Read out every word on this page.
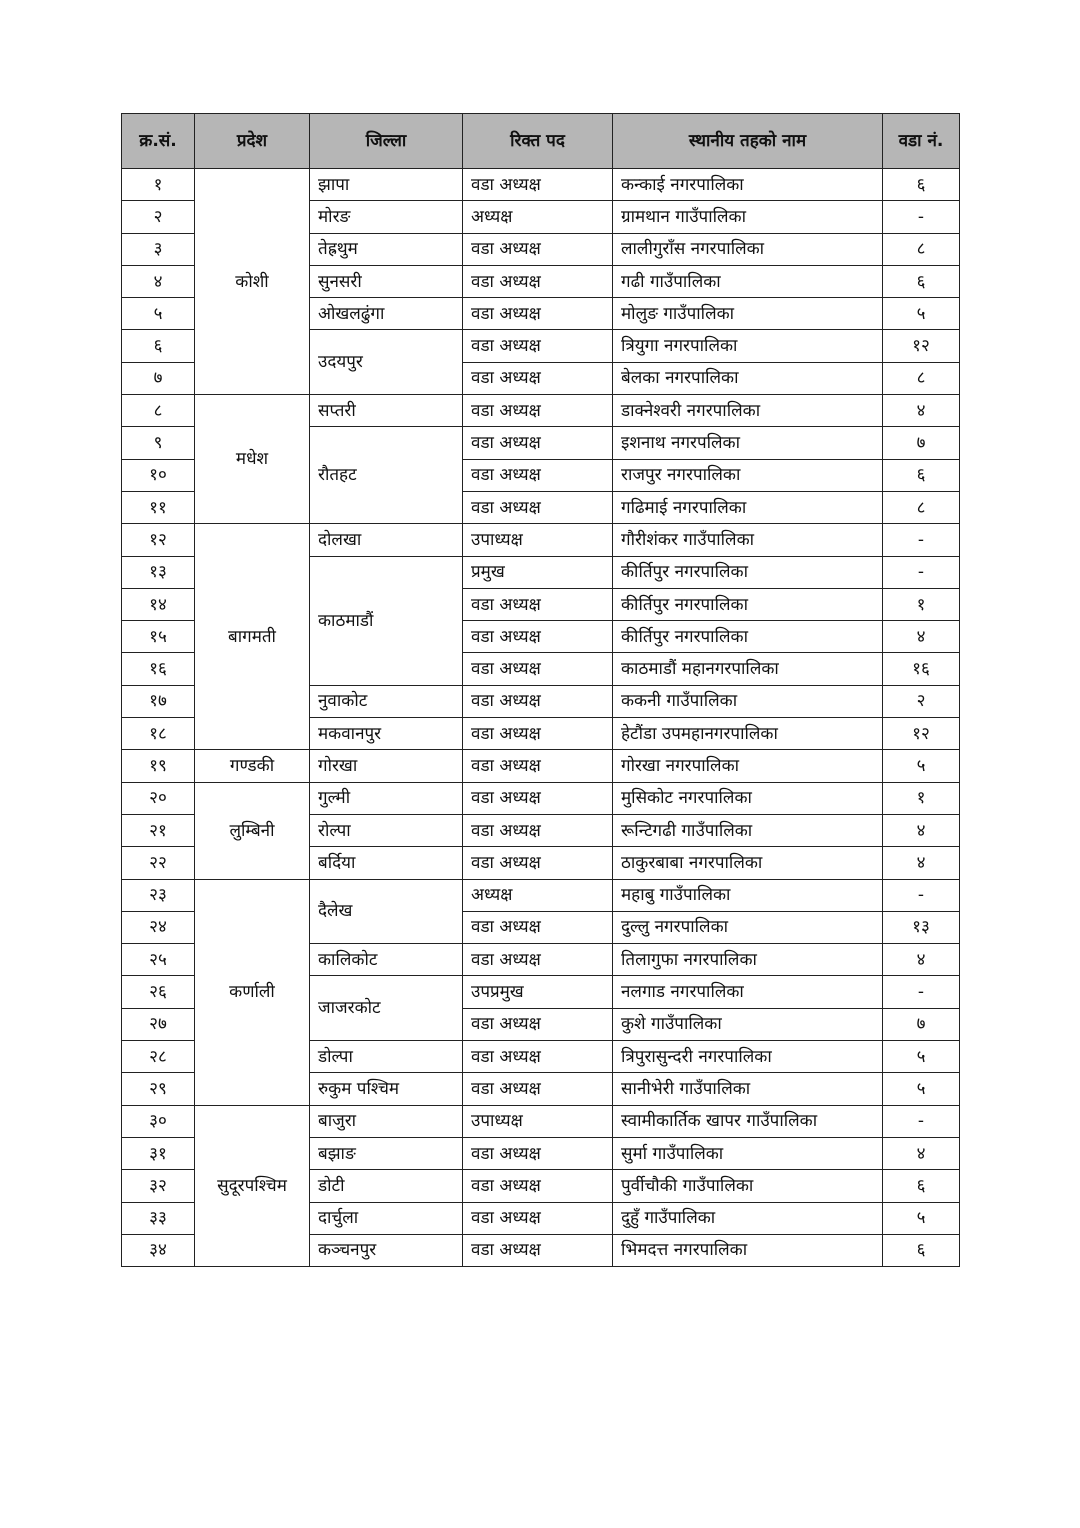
क्र.सं.	प्रदेश	जिल्ला	रिक्त पद	स्थानीय तहको नाम	वडा नं.
१	कोशी	झापा	वडा अध्यक्ष	कन्काई नगरपालिका	६
२		मोरङ	अध्यक्ष	ग्रामथान गाउँपालिका	-
३		तेह्रथुम	वडा अध्यक्ष	लालीगुराँस नगरपालिका	८
४		सुनसरी	वडा अध्यक्ष	गढी गाउँपालिका	६
५		ओखलढुंगा	वडा अध्यक्ष	मोलुङ गाउँपालिका	५
६		उदयपुर	वडा अध्यक्ष	त्रियुगा नगरपालिका	१२
७			वडा अध्यक्ष	बेलका नगरपालिका	८
८	मधेश	सप्तरी	वडा अध्यक्ष	डाक्नेश्वरी नगरपालिका	४
९		रौतहट	वडा अध्यक्ष	इशनाथ नगरपलिका	७
१०			वडा अध्यक्ष	राजपुर नगरपालिका	६
११			वडा अध्यक्ष	गढिमाई नगरपालिका	८
१२	बागमती	दोलखा	उपाध्यक्ष	गौरीशंकर गाउँपालिका	-
१३		काठमाडौं	प्रमुख	कीर्तिपुर नगरपालिका	-
१४			वडा अध्यक्ष	कीर्तिपुर नगरपालिका	१
१५			वडा अध्यक्ष	कीर्तिपुर नगरपालिका	४
१६			वडा अध्यक्ष	काठमाडौं महानगरपालिका	१६
१७		नुवाकोट	वडा अध्यक्ष	ककनी गाउँपालिका	२
१८		मकवानपुर	वडा अध्यक्ष	हेटौंडा उपमहानगरपालिका	१२
१९	गण्डकी	गोरखा	वडा अध्यक्ष	गोरखा नगरपालिका	५
२०	लुम्बिनी	गुल्मी	वडा अध्यक्ष	मुसिकोट नगरपालिका	१
२१		रोल्पा	वडा अध्यक्ष	रून्टिगढी गाउँपालिका	४
२२		बर्दिया	वडा अध्यक्ष	ठाकुरबाबा नगरपालिका	४
२३	कर्णाली	दैलेख	अध्यक्ष	महाबु गाउँपालिका	-
२४			वडा अध्यक्ष	दुल्लु नगरपालिका	१३
२५		कालिकोट	वडा अध्यक्ष	तिलागुफा नगरपालिका	४
२६		जाजरकोट	उपप्रमुख	नलगाड नगरपालिका	-
२७			वडा अध्यक्ष	कुशे गाउँपालिका	७
२८		डोल्पा	वडा अध्यक्ष	त्रिपुरासुन्दरी नगरपालिका	५
२९		रुकुम पश्चिम	वडा अध्यक्ष	सानीभेरी गाउँपालिका	५
३०	सुदूरपश्चिम	बाजुरा	उपाध्यक्ष	स्वामीकार्तिक खापर गाउँपालिका	-
३१		बझाङ	वडा अध्यक्ष	सुर्मा गाउँपालिका	४
३२		डोटी	वडा अध्यक्ष	पुर्वीचौकी गाउँपालिका	६
३३		दार्चुला	वडा अध्यक्ष	दुहुँ गाउँपालिका	५
३४		कञ्चनपुर	वडा अध्यक्ष	भिमदत्त नगरपालिका	६
